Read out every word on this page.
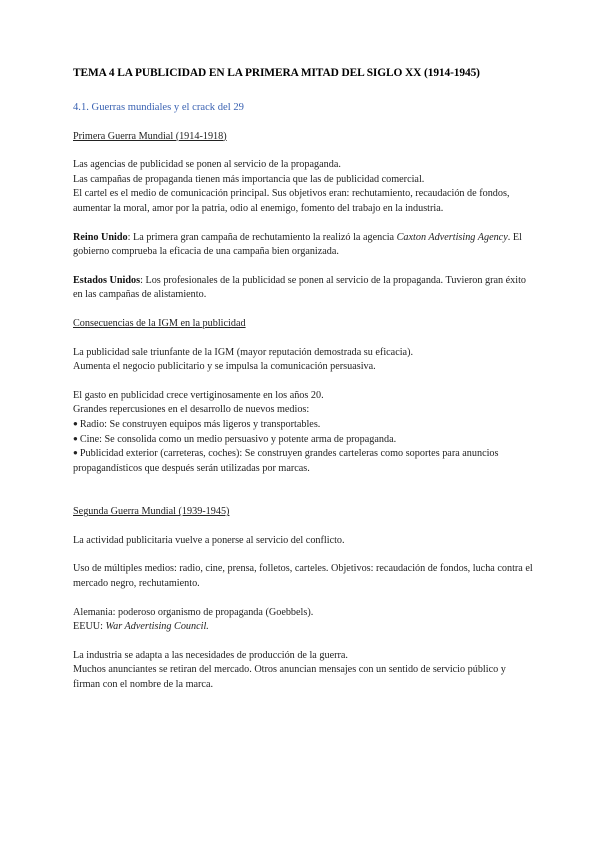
TEMA 4 LA PUBLICIDAD EN LA PRIMERA MITAD DEL SIGLO XX (1914-1945)
4.1. Guerras mundiales y el crack del 29
Primera Guerra Mundial (1914-1918)

Las agencias de publicidad se ponen al servicio de la propaganda.

Las campañas de propaganda tienen más importancia que las de publicidad comercial.

El cartel es el medio de comunicación principal. Sus objetivos eran: rechutamiento, recaudación de fondos, aumentar la moral, amor por la patria, odio al enemigo, fomento del trabajo en la industria.

Reino Unido: La primera gran campaña de rechutamiento la realizó la agencia Caxton Advertising Agency. El gobierno comprueba la eficacia de una campaña bien organizada.

Estados Unidos: Los profesionales de la publicidad se ponen al servicio de la propaganda. Tuvieron gran éxito en las campañas de alistamiento.

Consecuencias de la IGM en la publicidad

La publicidad sale triunfante de la IGM (mayor reputación demostrada su eficacia).

Aumenta el negocio publicitario y se impulsa la comunicación persuasiva.

El gasto en publicidad crece vertiginosamente en los años 20.

Grandes repercusiones en el desarrollo de nuevos medios:

● Radio: Se construyen equipos más ligeros y transportables.

● Cine: Se consolida como un medio persuasivo y potente arma de propaganda.

● Publicidad exterior (carreteras, coches): Se construyen grandes carteleras como soportes para anuncios propagandísticos que después serán utilizadas por marcas.

Segunda Guerra Mundial (1939-1945)

La actividad publicitaria vuelve a ponerse al servicio del conflicto.

Uso de múltiples medios: radio, cine, prensa, folletos, carteles. Objetivos: recaudación de fondos, lucha contra el mercado negro, rechutamiento.

Alemania: poderoso organismo de propaganda (Goebbels).

EEUU: War Advertising Council.

La industria se adapta a las necesidades de producción de la guerra.

Muchos anunciantes se retiran del mercado. Otros anuncian mensajes con un sentido de servicio público y firman con el nombre de la marca.
